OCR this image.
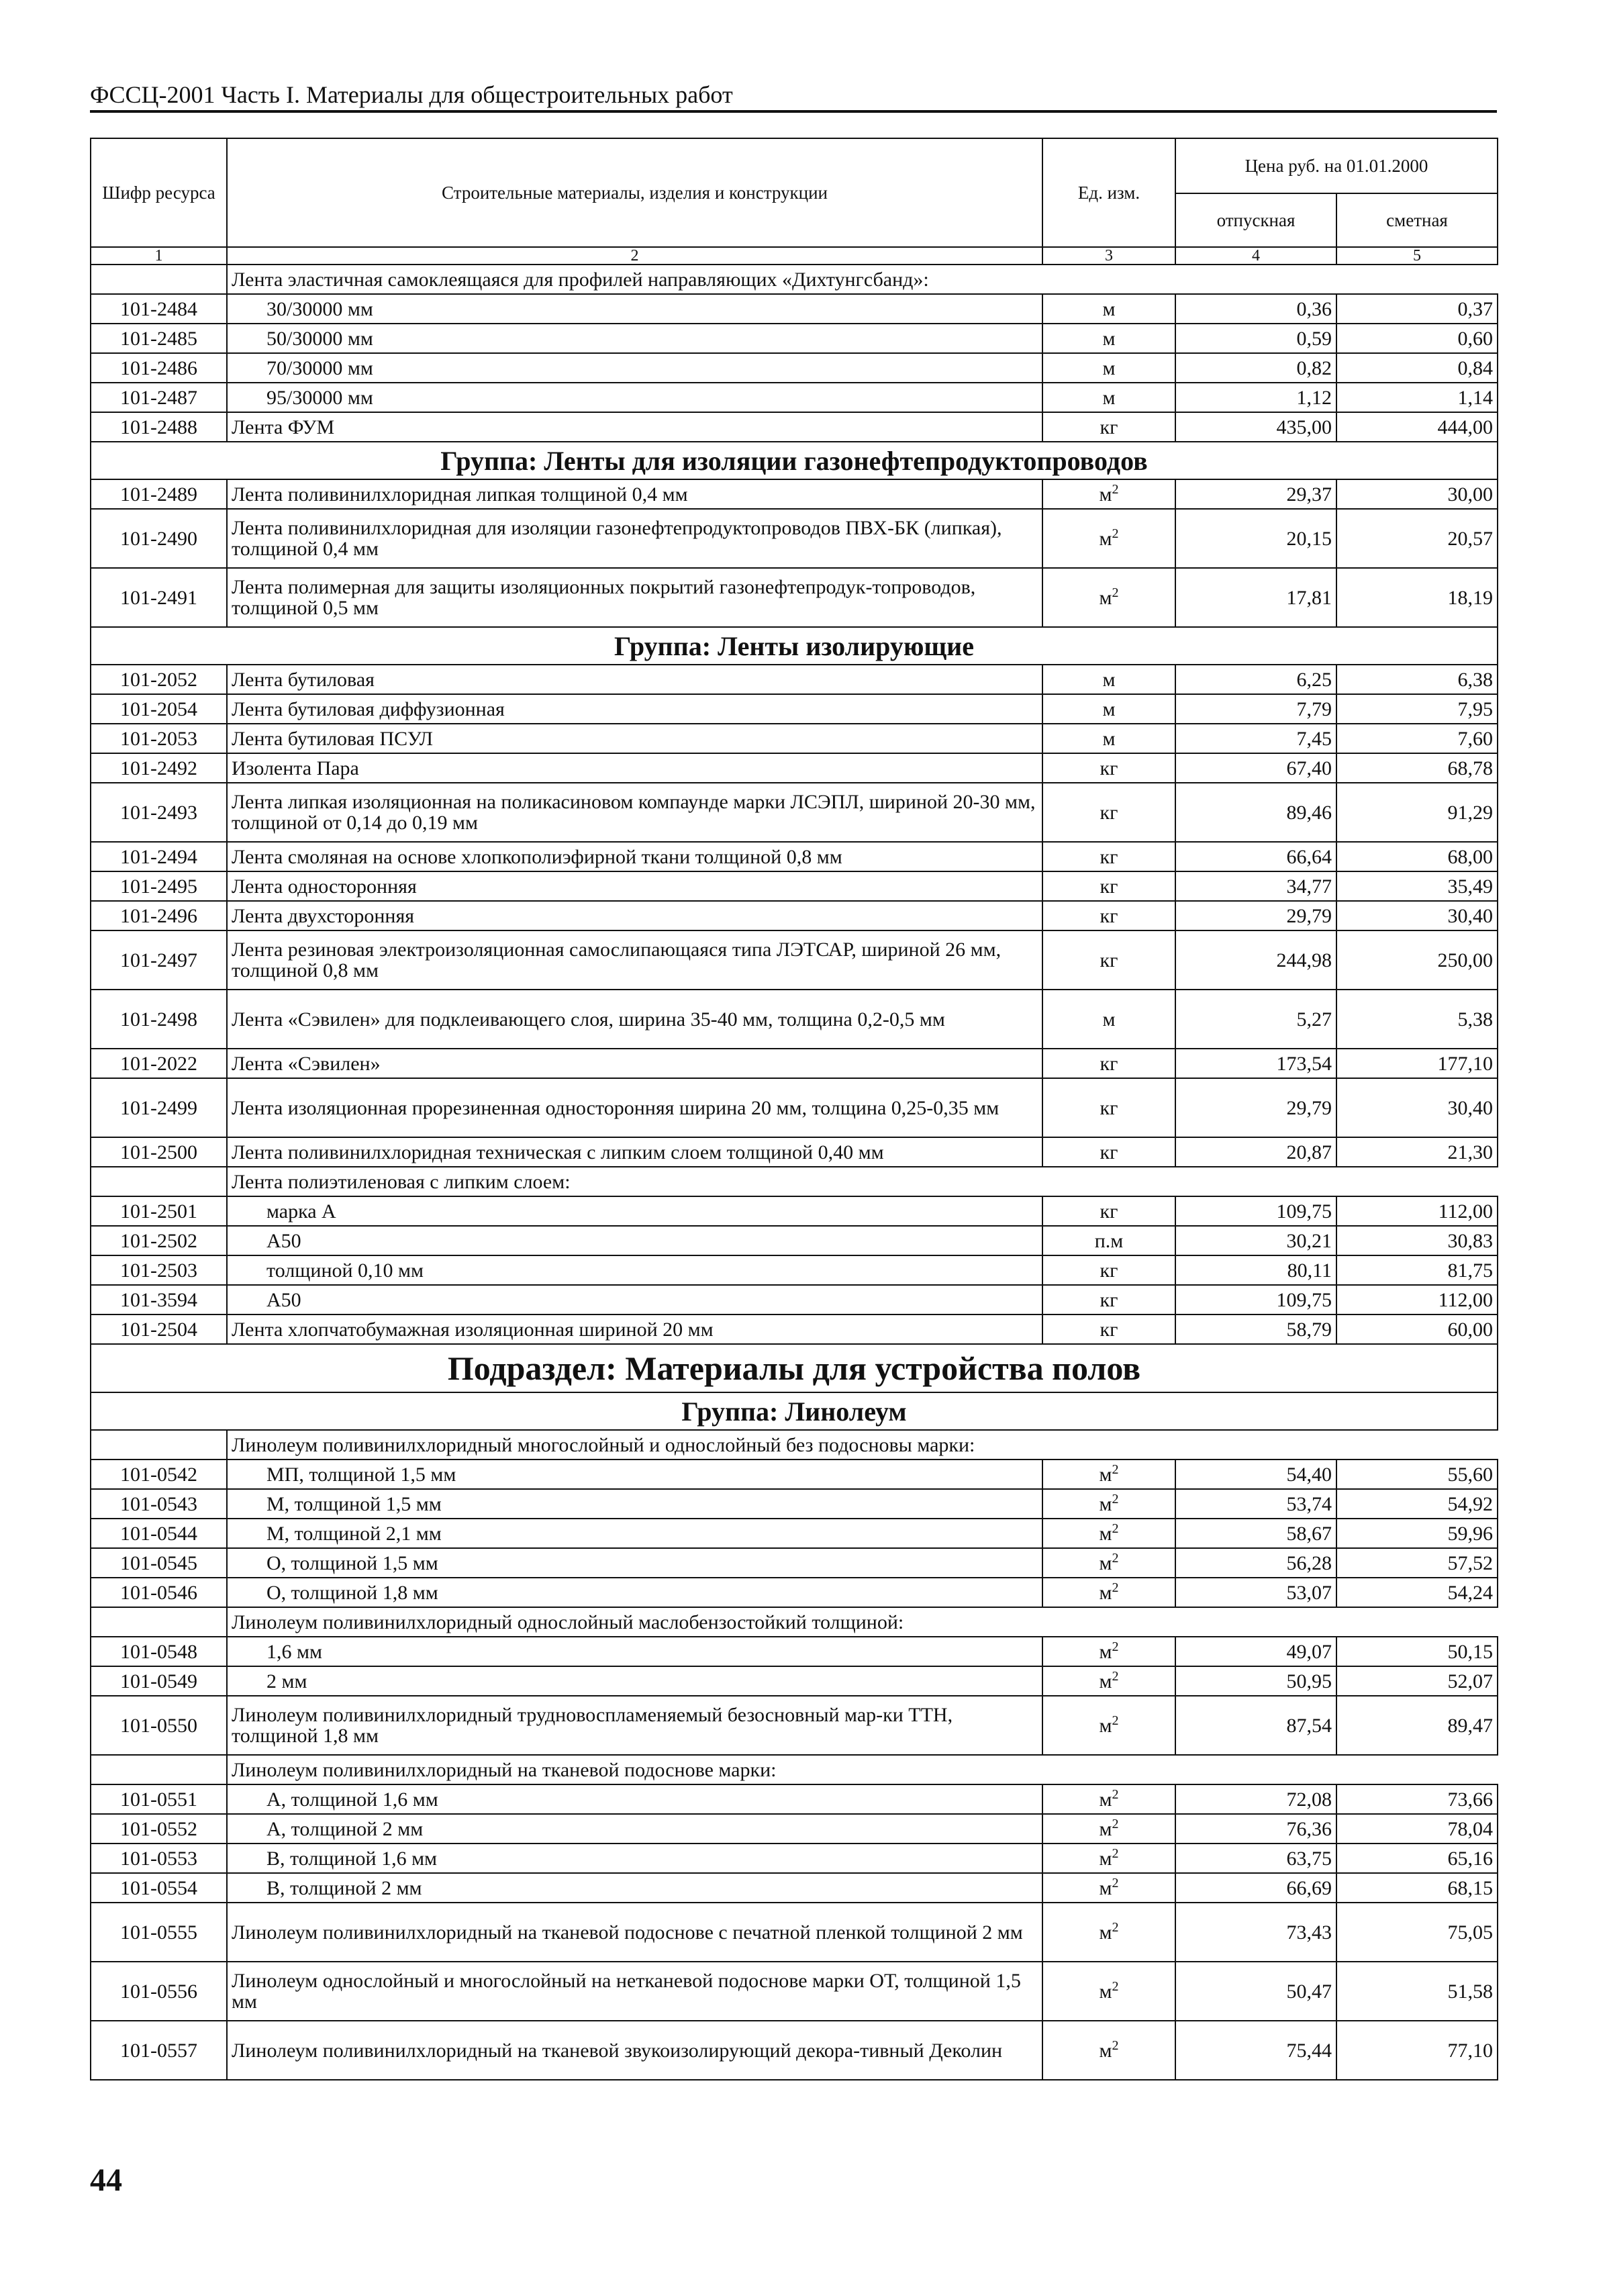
ФССЦ-2001 Часть I. Материалы для общестроительных работ
Шифр ресурса	Строительные материалы, изделия и конструкции	Ед. изм.	Цена руб. на 01.01.2000	
			отпускная	сметная
1	2	3	4	5
	Лента эластичная самоклеящаяся для профилей направляющих «Дихтунгсбанд»:			
101-2484	30/30000 мм	м	0,36	0,37
101-2485	50/30000 мм	м	0,59	0,60
101-2486	70/30000 мм	м	0,82	0,84
101-2487	95/30000 мм	м	1,12	1,14
101-2488	Лента ФУМ	кг	435,00	444,00
Группа: Ленты для изоляции газонефтепродуктопроводов				
101-2489	Лента поливинилхлоридная липкая толщиной 0,4 мм	$м^2$	29,37	30,00
101-2490	Лента поливинилхлоридная для изоляции газонефтепродуктопроводов ПВХ-БК (липкая), толщиной 0,4 мм	$м^2$	20,15	20,57
101-2491	Лента полимерная для защиты изоляционных покрытий газонефтепродук-топроводов, толщиной 0,5 мм	$м^2$	17,81	18,19
Группа: Ленты изолирующие				
101-2052	Лента бутиловая	м	6,25	6,38
101-2054	Лента бутиловая диффузионная	м	7,79	7,95
101-2053	Лента бутиловая ПСУЛ	м	7,45	7,60
101-2492	Изолента Пара	кг	67,40	68,78
101-2493	Лента липкая изоляционная на поликасиновом компаунде марки ЛСЭПЛ, шириной 20-30 мм, толщиной от 0,14 до 0,19 мм	кг	89,46	91,29
101-2494	Лента смоляная на основе хлопкополиэфирной ткани толщиной 0,8 мм	кг	66,64	68,00
101-2495	Лента односторонняя	кг	34,77	35,49
101-2496	Лента двухсторонняя	кг	29,79	30,40
101-2497	Лента резиновая электроизоляционная самослипающаяся типа ЛЭТСАР, шириной 26 мм, толщиной 0,8 мм	кг	244,98	250,00
101-2498	Лента «Сэвилен» для подклеивающего слоя, ширина 35-40 мм, толщина 0,2-0,5 мм	м	5,27	5,38
101-2022	Лента «Сэвилен»	кг	173,54	177,10
101-2499	Лента изоляционная прорезиненная односторонняя ширина 20 мм, толщина 0,25-0,35 мм	кг	29,79	30,40
101-2500	Лента поливинилхлоридная техническая с липким слоем толщиной 0,40 мм	кг	20,87	21,30
	Лента полиэтиленовая с липким слоем:			
101-2501	марка А	кг	109,75	112,00
101-2502	А50	п.м	30,21	30,83
101-2503	толщиной 0,10 мм	кг	80,11	81,75
101-3594	А50	кг	109,75	112,00
101-2504	Лента хлопчатобумажная изоляционная шириной 20 мм	кг	58,79	60,00
Подраздел: Материалы для устройства полов				
Группа: Линолеум				
	Линолеум поливинилхлоридный многослойный и однослойный без подосновы марки:			
101-0542	МП, толщиной 1,5 мм	$м^2$	54,40	55,60
101-0543	М, толщиной 1,5 мм	$м^2$	53,74	54,92
101-0544	М, толщиной 2,1 мм	$м^2$	58,67	59,96
101-0545	О, толщиной 1,5 мм	$м^2$	56,28	57,52
101-0546	О, толщиной 1,8 мм	$м^2$	53,07	54,24
	Линолеум поливинилхлоридный однослойный маслобензостойкий толщиной:			
101-0548	1,6 мм	$м^2$	49,07	50,15
101-0549	2 мм	$м^2$	50,95	52,07
101-0550	Линолеум поливинилхлоридный трудновоспламеняемый безосновный мар-ки ТТН, толщиной 1,8 мм	$м^2$	87,54	89,47
	Линолеум поливинилхлоридный на тканевой подоснове марки:			
101-0551	А, толщиной 1,6 мм	$м^2$	72,08	73,66
101-0552	А, толщиной 2 мм	$м^2$	76,36	78,04
101-0553	В, толщиной 1,6 мм	$м^2$	63,75	65,16
101-0554	В, толщиной 2 мм	$м^2$	66,69	68,15
101-0555	Линолеум поливинилхлоридный на тканевой подоснове с печатной пленкой толщиной 2 мм	$м^2$	73,43	75,05
101-0556	Линолеум однослойный и многослойный на нетканевой подоснове марки ОТ, толщиной 1,5 мм	$м^2$	50,47	51,58
101-0557	Линолеум поливинилхлоридный на тканевой звукоизолирующий декора-тивный Деколин	$м^2$	75,44	77,10
44
